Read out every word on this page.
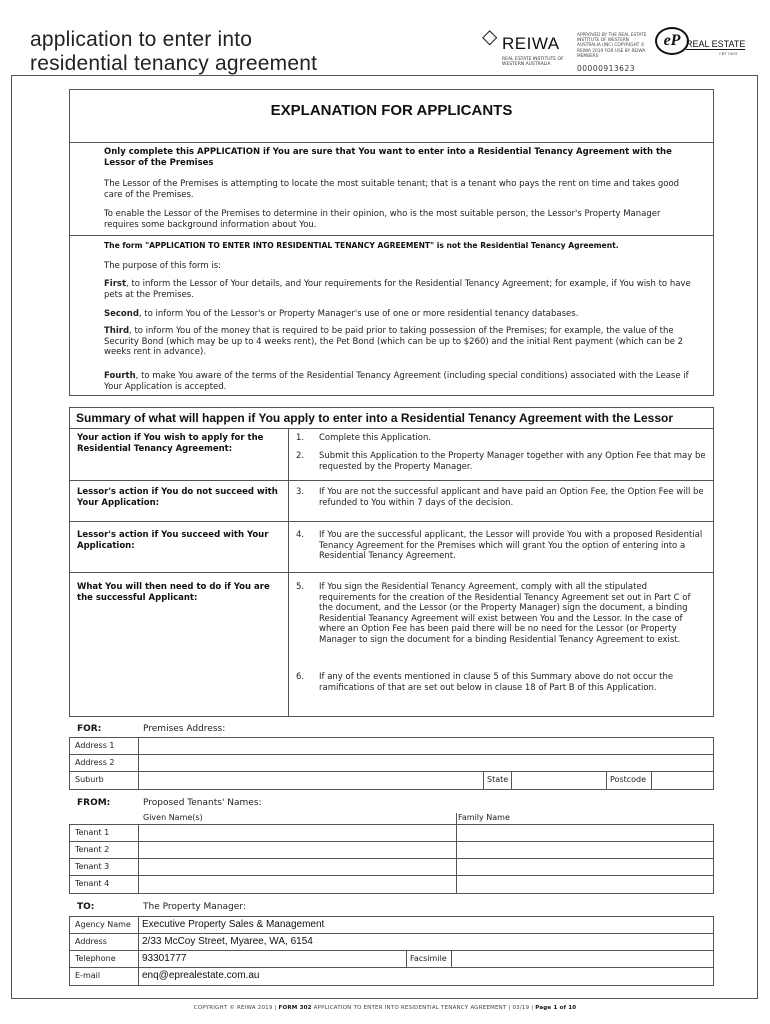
application to enter into
residential tenancy agreement
◇ REIWA
REAL ESTATE INSTITUTE OF WESTERN AUSTRALIA
APPROVED BY THE REAL ESTATE INSTITUTE OF WESTERN AUSTRALIA (INC) COPYRIGHT © REIWA 2019 FOR USE BY REIWA MEMBERS
00000913623
eP REAL ESTATE
CRT 7403
EXPLANATION FOR APPLICANTS
Only complete this APPLICATION if You are sure that You want to enter into a Residential Tenancy Agreement with the Lessor of the Premises
The Lessor of the Premises is attempting to locate the most suitable tenant; that is a tenant who pays the rent on time and takes good care of the Premises.
To enable the Lessor of the Premises to determine in their opinion, who is the most suitable person, the Lessor's Property Manager requires some background information about You.
The form "APPLICATION TO ENTER INTO RESIDENTIAL TENANCY AGREEMENT" is not the Residential Tenancy Agreement.
The purpose of this form is:
First, to inform the Lessor of Your details, and Your requirements for the Residential Tenancy Agreement; for example, if You wish to have pets at the Premises.
Second, to inform You of the Lessor's or Property Manager's use of one or more residential tenancy databases.
Third, to inform You of the money that is required to be paid prior to taking possession of the Premises; for example, the value of the Security Bond (which may be up to 4 weeks rent), the Pet Bond (which can be up to $260) and the initial Rent payment (which can be 2 weeks rent in advance).
Fourth, to make You aware of the terms of the Residential Tenancy Agreement (including special conditions) associated with the Lease if Your Application is accepted.
Summary of what will happen if You apply to enter into a Residential Tenancy Agreement with the Lessor
Your action if You wish to apply for the Residential Tenancy Agreement:
1.	Complete this Application.
2.	Submit this Application to the Property Manager together with any Option Fee that may be requested by the Property Manager.
Lessor's action if You do not succeed with Your Application:
3.	If You are not the successful applicant and have paid an Option Fee, the Option Fee will be refunded to You within 7 days of the decision.
Lessor's action if You succeed with Your Application:
4.	If You are the successful applicant, the Lessor will provide You with a proposed Residential Tenancy Agreement for the Premises which will grant You the option of entering into a Residential Tenancy Agreement.
What You will then need to do if You are the successful Applicant:
5.	If You sign the Residential Tenancy Agreement, comply with all the stipulated requirements for the creation of the Residential Tenancy Agreement set out in Part C of the document, and the Lessor (or the Property Manager) sign the document, a binding Residential Teanancy Agreement will exist between You and the Lessor. In the case of where an Option Fee has been paid there will be no need for the Lessor (or Property Manager to sign the document for a binding Residential Tenancy Agreement to exist.
6.	If any of the events mentioned in clause 5 of this Summary above do not occur the ramifications of that are set out below in clause 18 of Part B of this Application.
FOR:	Premises Address:
Address 1
Address 2
Suburb	State	Postcode
FROM:	Proposed Tenants' Names:
Given Name(s)	Family Name
Tenant 1
Tenant 2
Tenant 3
Tenant 4
TO:	The Property Manager:
Agency Name	Executive Property Sales & Management
Address	2/33 McCoy Street, Myaree, WA, 6154
Telephone	93301777	Facsimile
E-mail	enq@eprealestate.com.au
COPYRIGHT © REIWA 2019 | FORM 302 APPLICATION TO ENTER INTO RESIDENTIAL TENANCY AGREEMENT | 03/19 | Page 1 of 10
